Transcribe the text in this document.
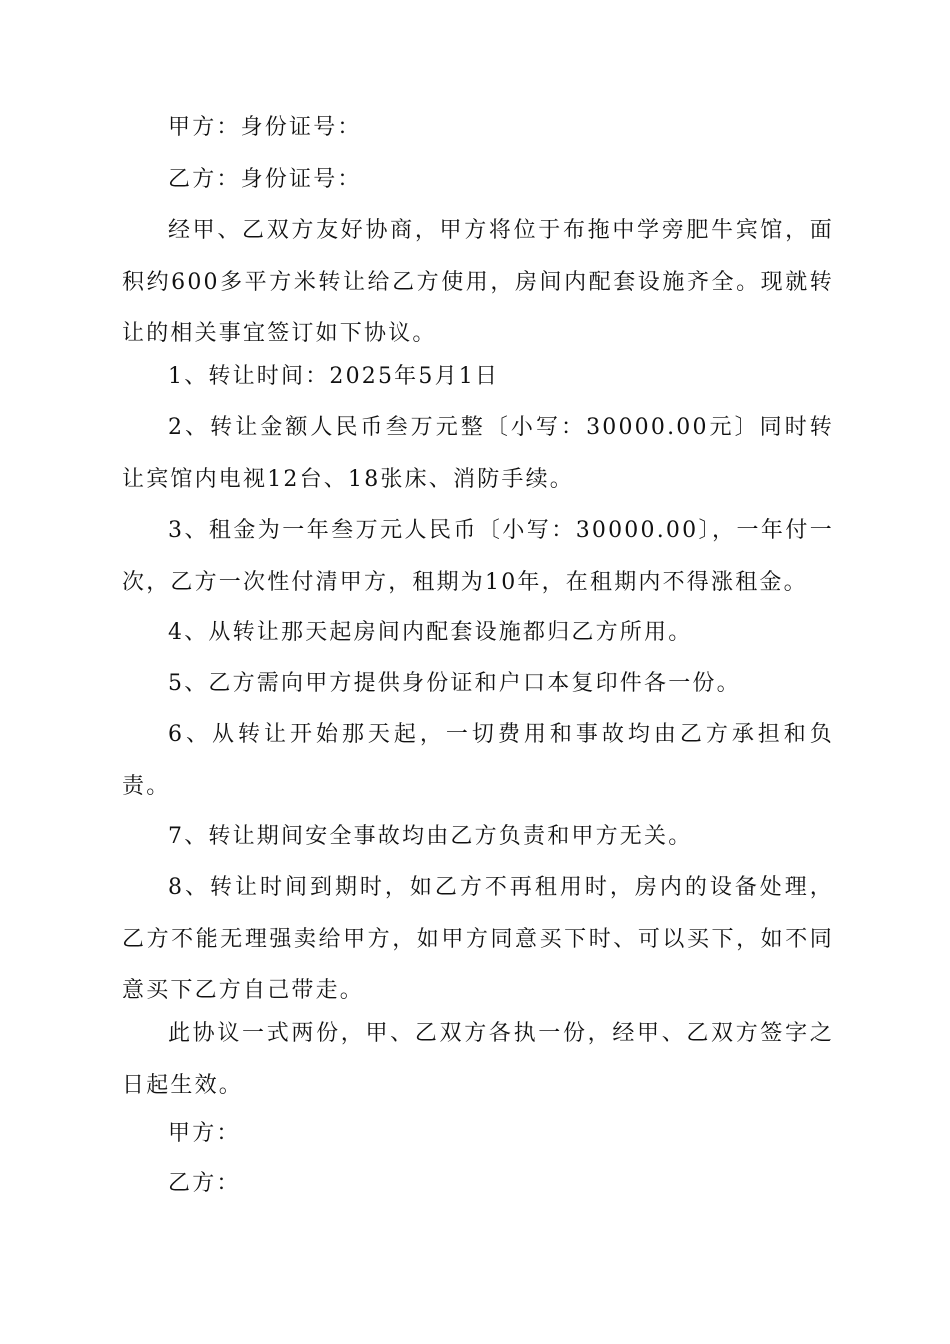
甲方：身份证号：

乙方：身份证号：

经甲、乙双方友好协商，甲方将位于布拖中学旁肥牛宾馆，面积约600多平方米转让给乙方使用，房间内配套设施齐全。现就转让的相关事宜签订如下协议。

1、转让时间：2025年5月1日

2、转让金额人民币叁万元整〔小写：30000.00元〕同时转让宾馆内电视12台、18张床、消防手续。

3、租金为一年叁万元人民币〔小写：30000.00〕，一年付一次，乙方一次性付清甲方，租期为10年，在租期内不得涨租金。

4、从转让那天起房间内配套设施都归乙方所用。

5、乙方需向甲方提供身份证和户口本复印件各一份。

6、从转让开始那天起，一切费用和事故均由乙方承担和负责。

7、转让期间安全事故均由乙方负责和甲方无关。

8、转让时间到期时，如乙方不再租用时，房内的设备处理，乙方不能无理强卖给甲方，如甲方同意买下时、可以买下，如不同意买下乙方自己带走。

此协议一式两份，甲、乙双方各执一份，经甲、乙双方签字之日起生效。

甲方：

乙方：
